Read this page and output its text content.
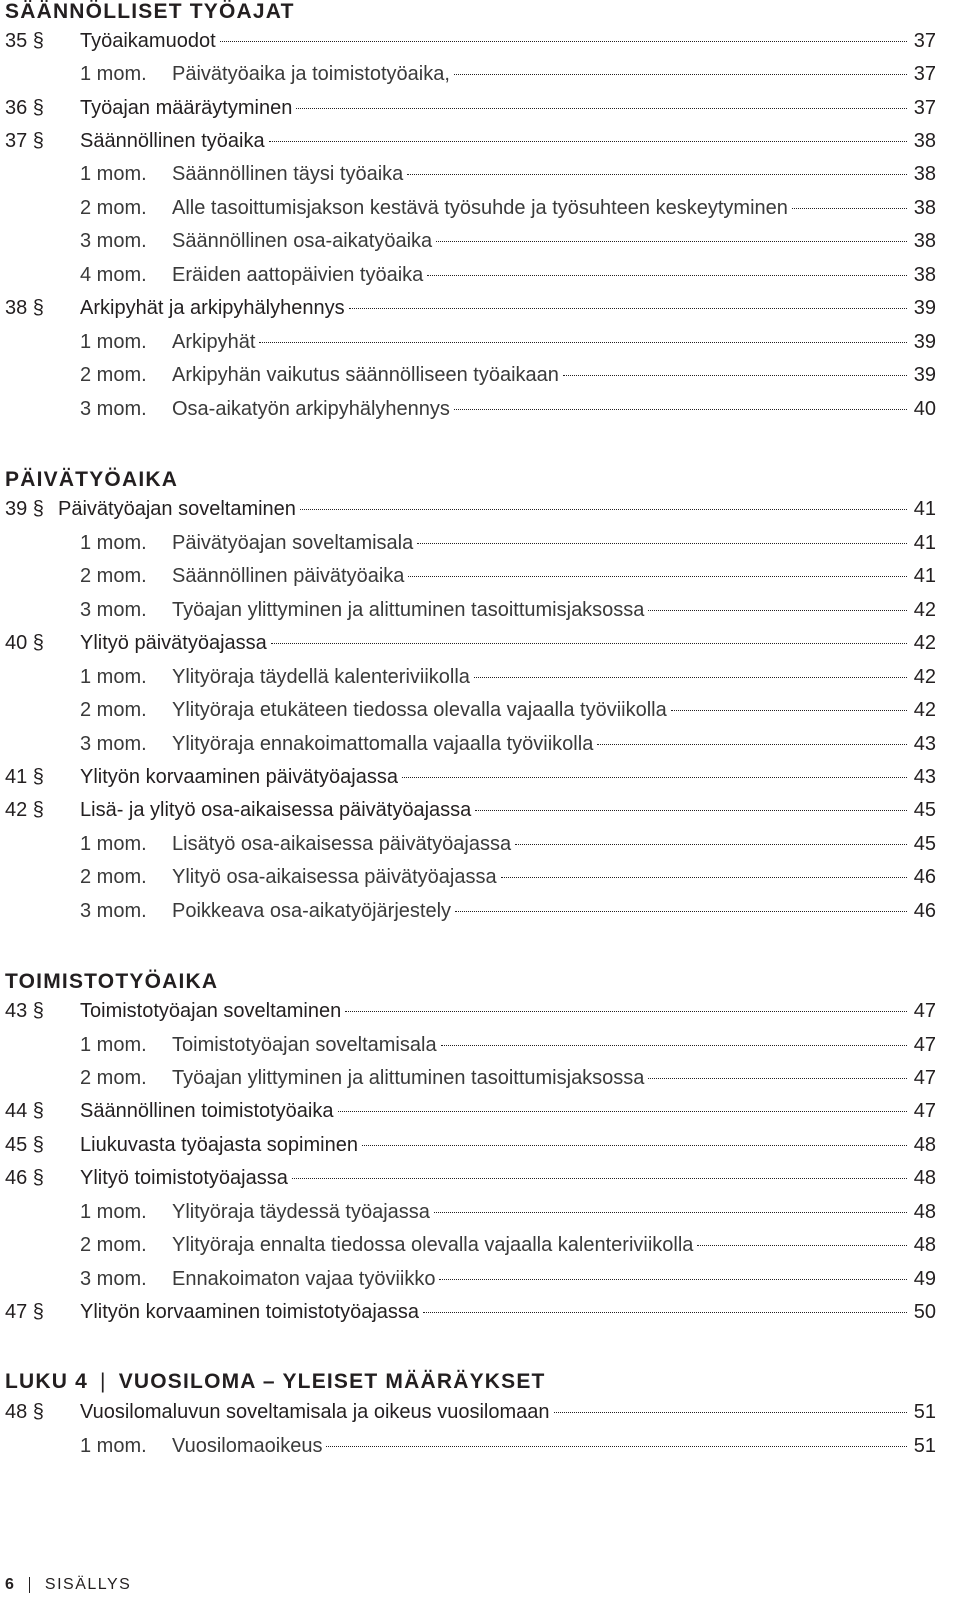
SÄÄNNÖLLISET TYÖAJAT
35 § Työaikamuodot	37
1 mom. Päivätyöaika ja toimistotyöaika,	37
36 § Työajan määräytyminen	37
37 § Säännöllinen työaika	38
1 mom. Säännöllinen täysi työaika	38
2 mom. Alle tasoittumisjakson kestävä työsuhde ja työsuhteen keskeytyminen	38
3 mom. Säännöllinen osa-aikatyöaika	38
4 mom. Eräiden aattopäivien työaika	38
38 § Arkipyhät ja arkipyhälyhennys	39
1 mom. Arkipyhät	39
2 mom. Arkipyhän vaikutus säännölliseen työaikaan	39
3 mom. Osa-aikatyön arkipyhälyhennys	40
PÄIVÄTYÖAIKA
39 § Päivätyöajan soveltaminen	41
1 mom. Päivätyöajan soveltamisala	41
2 mom. Säännöllinen päivätyöaika	41
3 mom. Työajan ylittyminen ja alittuminen tasoittumisjaksossa	42
40 § Ylityö päivätyöajassa	42
1 mom. Ylityöraja täydellä kalenteriviikolla	42
2 mom. Ylityöraja etukäteen tiedossa olevalla vajaalla työviikolla	42
3 mom. Ylityöraja ennakoimattomalla vajaalla työviikolla	43
41 § Ylityön korvaaminen päivätyöajassa	43
42 § Lisä- ja ylityö osa-aikaisessa päivätyöajassa	45
1 mom. Lisätyö osa-aikaisessa päivätyöajassa	45
2 mom. Ylityö osa-aikaisessa päivätyöajassa	46
3 mom. Poikkeava osa-aikatyöjärjestely	46
TOIMISTOTYÖAIKA
43 § Toimistotyöajan soveltaminen	47
1 mom. Toimistotyöajan soveltamisala	47
2 mom. Työajan ylittyminen ja alittuminen tasoittumisjaksossa	47
44 § Säännöllinen toimistotyöaika	47
45 § Liukuvasta työajasta sopiminen	48
46 § Ylityö toimistotyöajassa	48
1 mom. Ylityöraja täydessä työajassa	48
2 mom. Ylityöraja ennalta tiedossa olevalla vajaalla kalenteriviikolla	48
3 mom. Ennakoimaton vajaa työviikko	49
47 § Ylityön korvaaminen toimistotyöajassa	50
LUKU 4 | VUOSILOMA – YLEISET MÄÄRÄYKSET
48 § Vuosilomaluvun soveltamisala ja oikeus vuosilomaan	51
1 mom. Vuosilomaoikeus	51
6 SISÄLLYS
